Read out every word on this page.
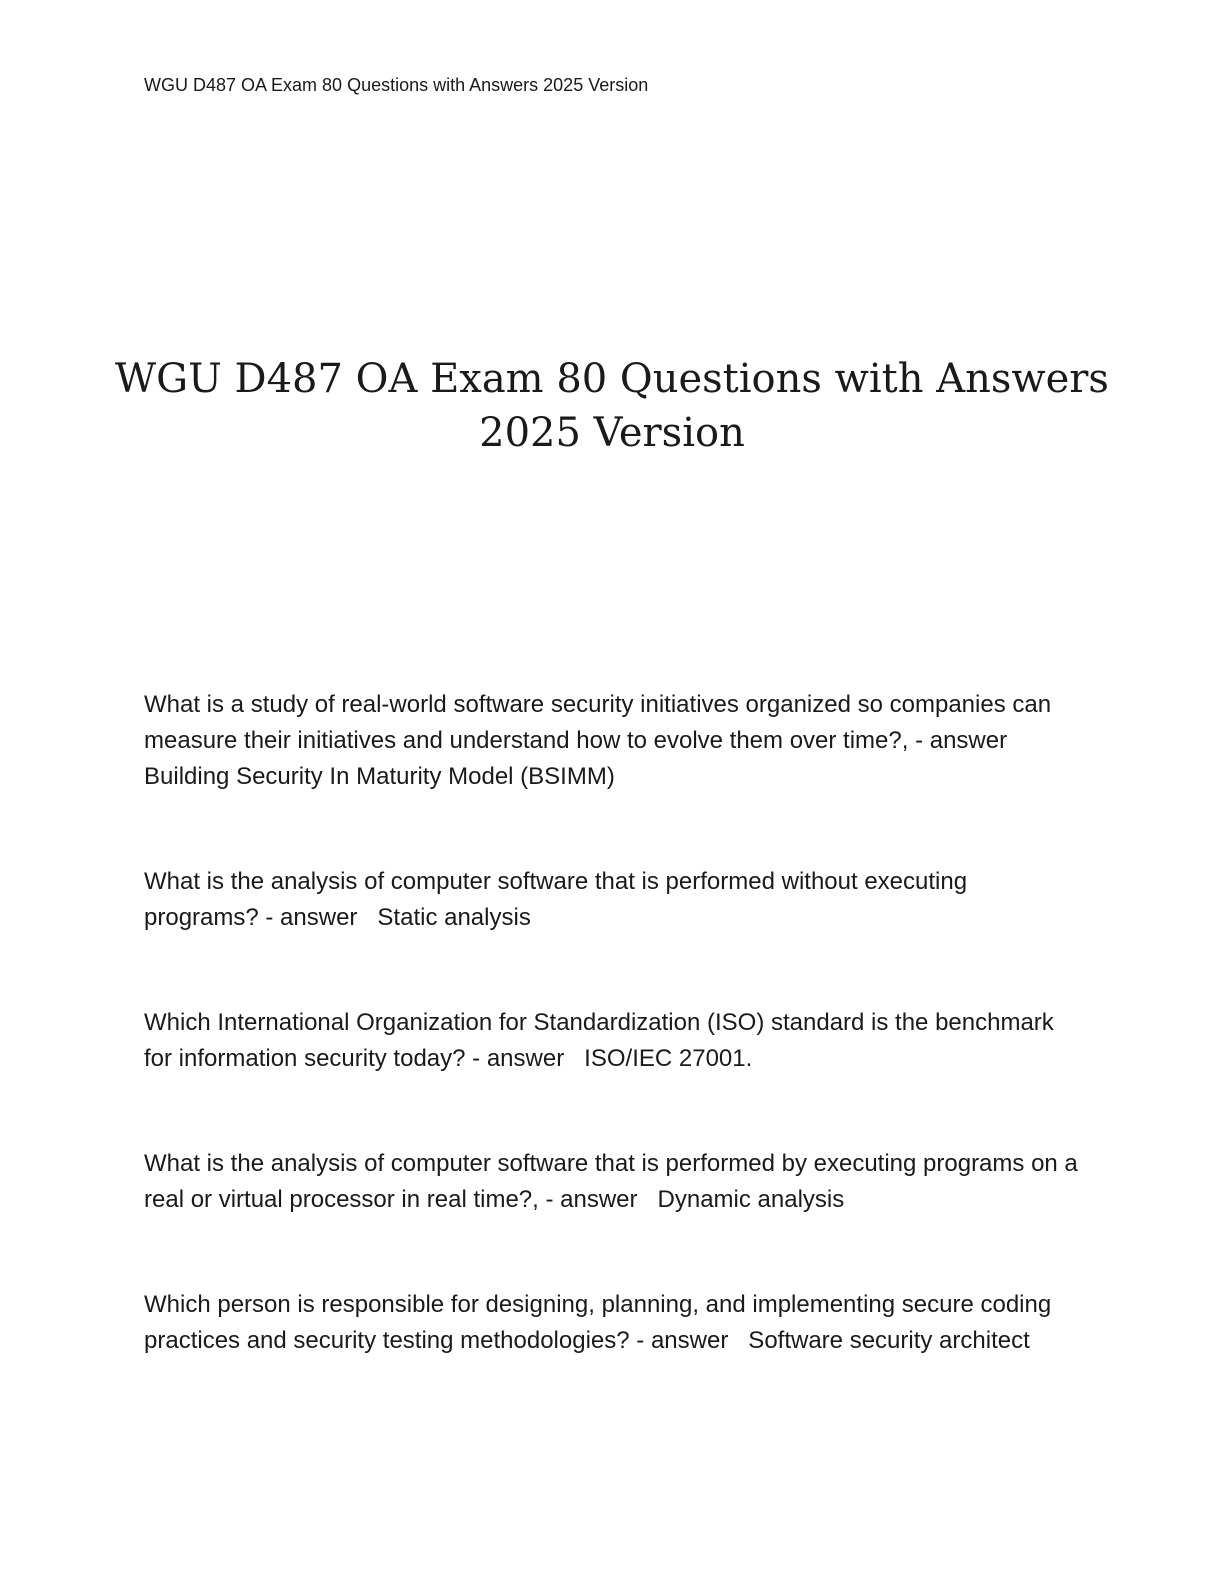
WGU D487 OA Exam 80 Questions with Answers 2025 Version
WGU D487 OA Exam 80 Questions with Answers
2025 Version
What is a study of real-world software security initiatives organized so companies can measure their initiatives and understand how to evolve them over time?, - answer   Building Security In Maturity Model (BSIMM)
What is the analysis of computer software that is performed without executing programs? - answer   Static analysis
Which International Organization for Standardization (ISO) standard is the benchmark for information security today? - answer   ISO/IEC 27001.
What is the analysis of computer software that is performed by executing programs on a real or virtual processor in real time?, - answer   Dynamic analysis
Which person is responsible for designing, planning, and implementing secure coding practices and security testing methodologies? - answer   Software security architect
